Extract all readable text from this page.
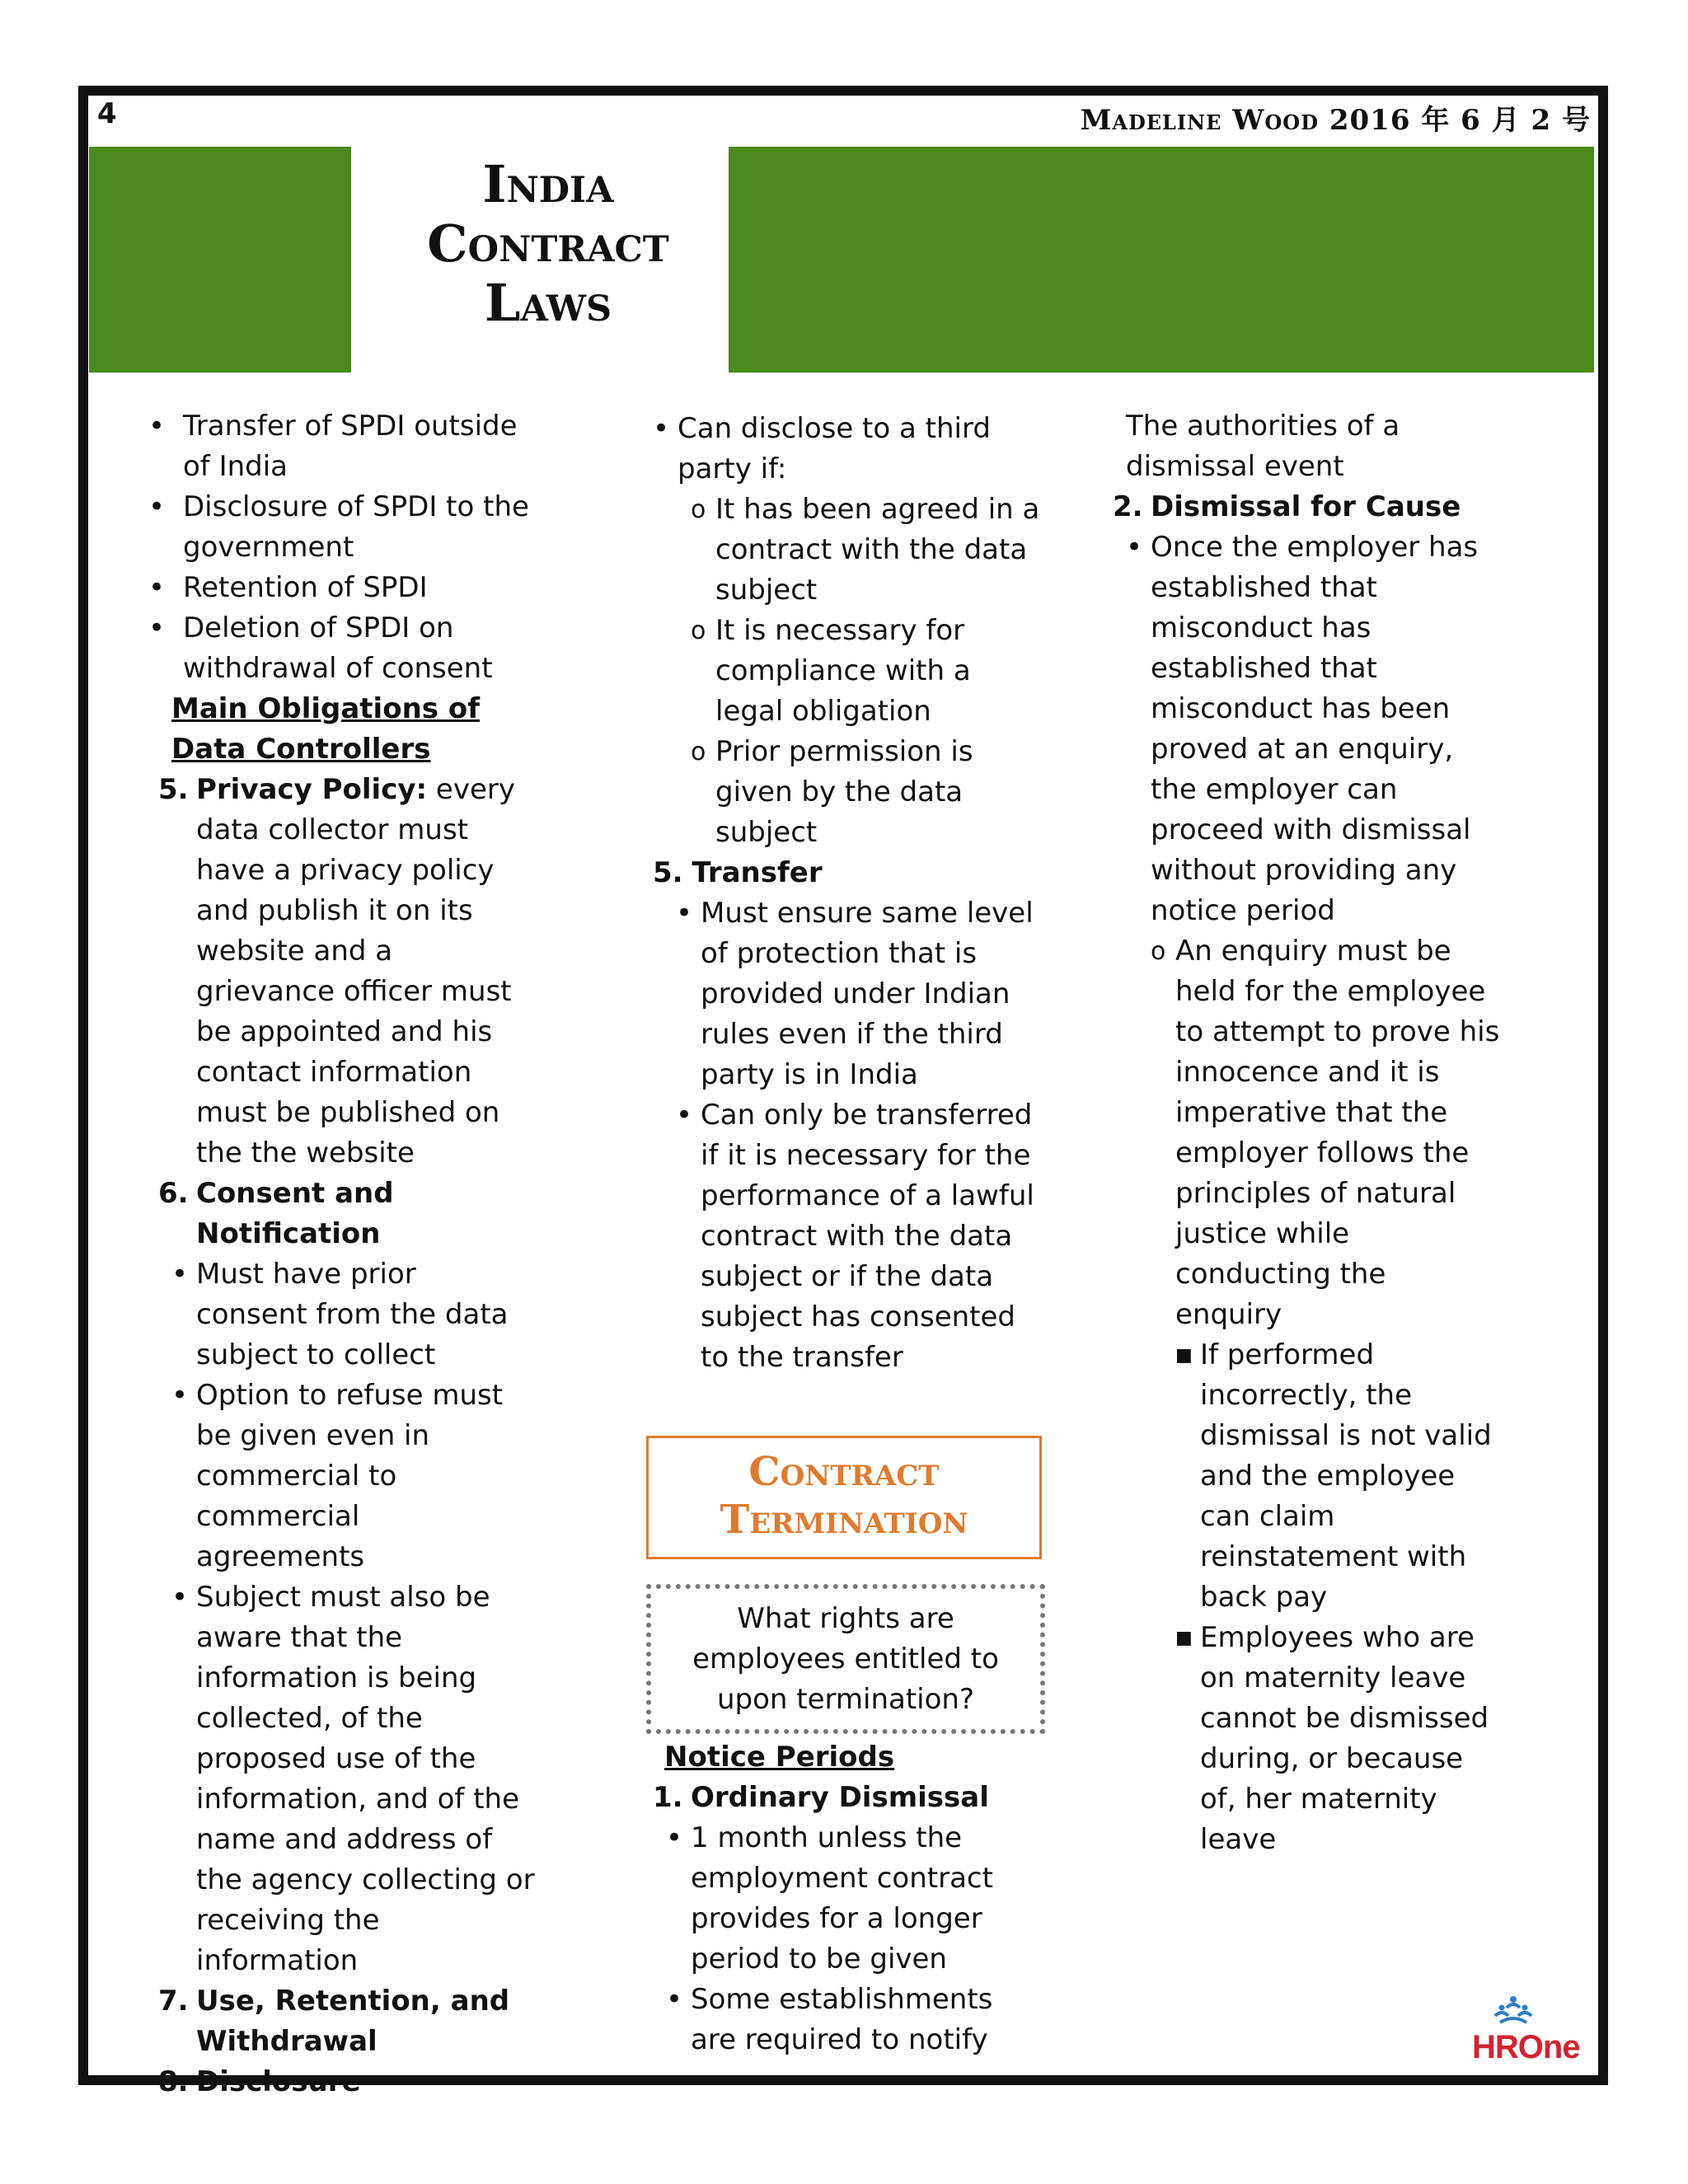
4	Madeline Wood 2016 年 6 月 2 号
India
Contract
Laws
• Transfer of SPDI outside of India
• Disclosure of SPDI to the government
• Retention of SPDI
• Deletion of SPDI on withdrawal of consent
Main Obligations of Data Controllers
5. Privacy Policy: every data collector must have a privacy policy and publish it on its website and a grievance officer must be appointed and his contact information must be published on the the website
6. Consent and Notification
• Must have prior consent from the data subject to collect
• Option to refuse must be given even in commercial to commercial agreements
• Subject must also be aware that the information is being collected, of the proposed use of the information, and of the name and address of the agency collecting or receiving the information
7. Use, Retention, and Withdrawal
8. Disclosure
• Can disclose to a third party if:
o It has been agreed in a contract with the data subject
o It is necessary for compliance with a legal obligation
o Prior permission is given by the data subject
5. Transfer
• Must ensure same level of protection that is provided under Indian rules even if the third party is in India
• Can only be transferred if it is necessary for the performance of a lawful contract with the data subject or if the data subject has consented to the transfer
Contract
Termination
What rights are employees entitled to upon termination?
Notice Periods
1. Ordinary Dismissal
• 1 month unless the employment contract provides for a longer period to be given
• Some establishments are required to notify
The authorities of a dismissal event
2. Dismissal for Cause
• Once the employer has established that misconduct has established that misconduct has been proved at an enquiry, the employer can proceed with dismissal without providing any notice period
o An enquiry must be held for the employee to attempt to prove his innocence and it is imperative that the employer follows the principles of natural justice while conducting the enquiry
■ If performed incorrectly, the dismissal is not valid and the employee can claim reinstatement with back pay
■ Employees who are on maternity leave cannot be dismissed during, or because of, her maternity leave
HROne
